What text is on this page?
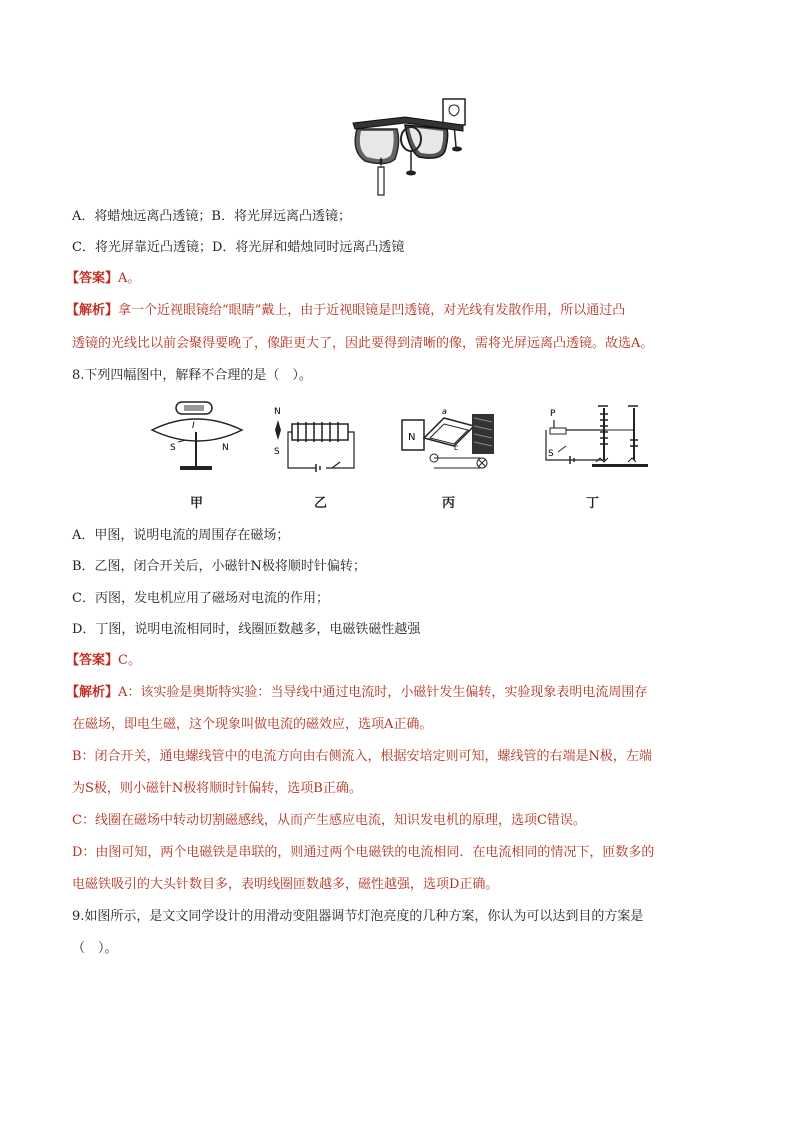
A．将蜡烛远离凸透镜；B．将光屏远离凸透镜；
C．将光屏靠近凸透镜；D．将光屏和蜡烛同时远离凸透镜
【答案】A。
【解析】拿一个近视眼镜给“眼睛”戴上，由于近视眼镜是凹透镜，对光线有发散作用，所以通过凸
透镜的光线比以前会聚得要晚了，像距更大了，因此要得到清晰的像，需将光屏远离凸透镜。故选A。
8.下列四幅图中，解释不合理的是（　）。
S	N
I
N
S
N
a
c
P
S
甲	乙	丙	丁
A．甲图，说明电流的周围存在磁场；
B．乙图，闭合开关后，小磁针N极将顺时针偏转；
C．丙图，发电机应用了磁场对电流的作用；
D．丁图，说明电流相同时，线圈匝数越多，电磁铁磁性越强
【答案】C。
【解析】A：该实验是奥斯特实验：当导线中通过电流时，小磁针发生偏转，实验现象表明电流周围存
在磁场，即电生磁，这个现象叫做电流的磁效应，选项A正确。
B：闭合开关，通电螺线管中的电流方向由右侧流入，根据安培定则可知，螺线管的右端是N极，左端
为S极，则小磁针N极将顺时针偏转，选项B正确。
C：线圈在磁场中转动切割磁感线，从而产生感应电流，知识发电机的原理，选项C错误。
D：由图可知，两个电磁铁是串联的，则通过两个电磁铁的电流相同．在电流相同的情况下，匝数多的
电磁铁吸引的大头针数目多，表明线圈匝数越多，磁性越强，选项D正确。
9.如图所示，是文文同学设计的用滑动变阻器调节灯泡亮度的几种方案，你认为可以达到目的方案是
（　）。
